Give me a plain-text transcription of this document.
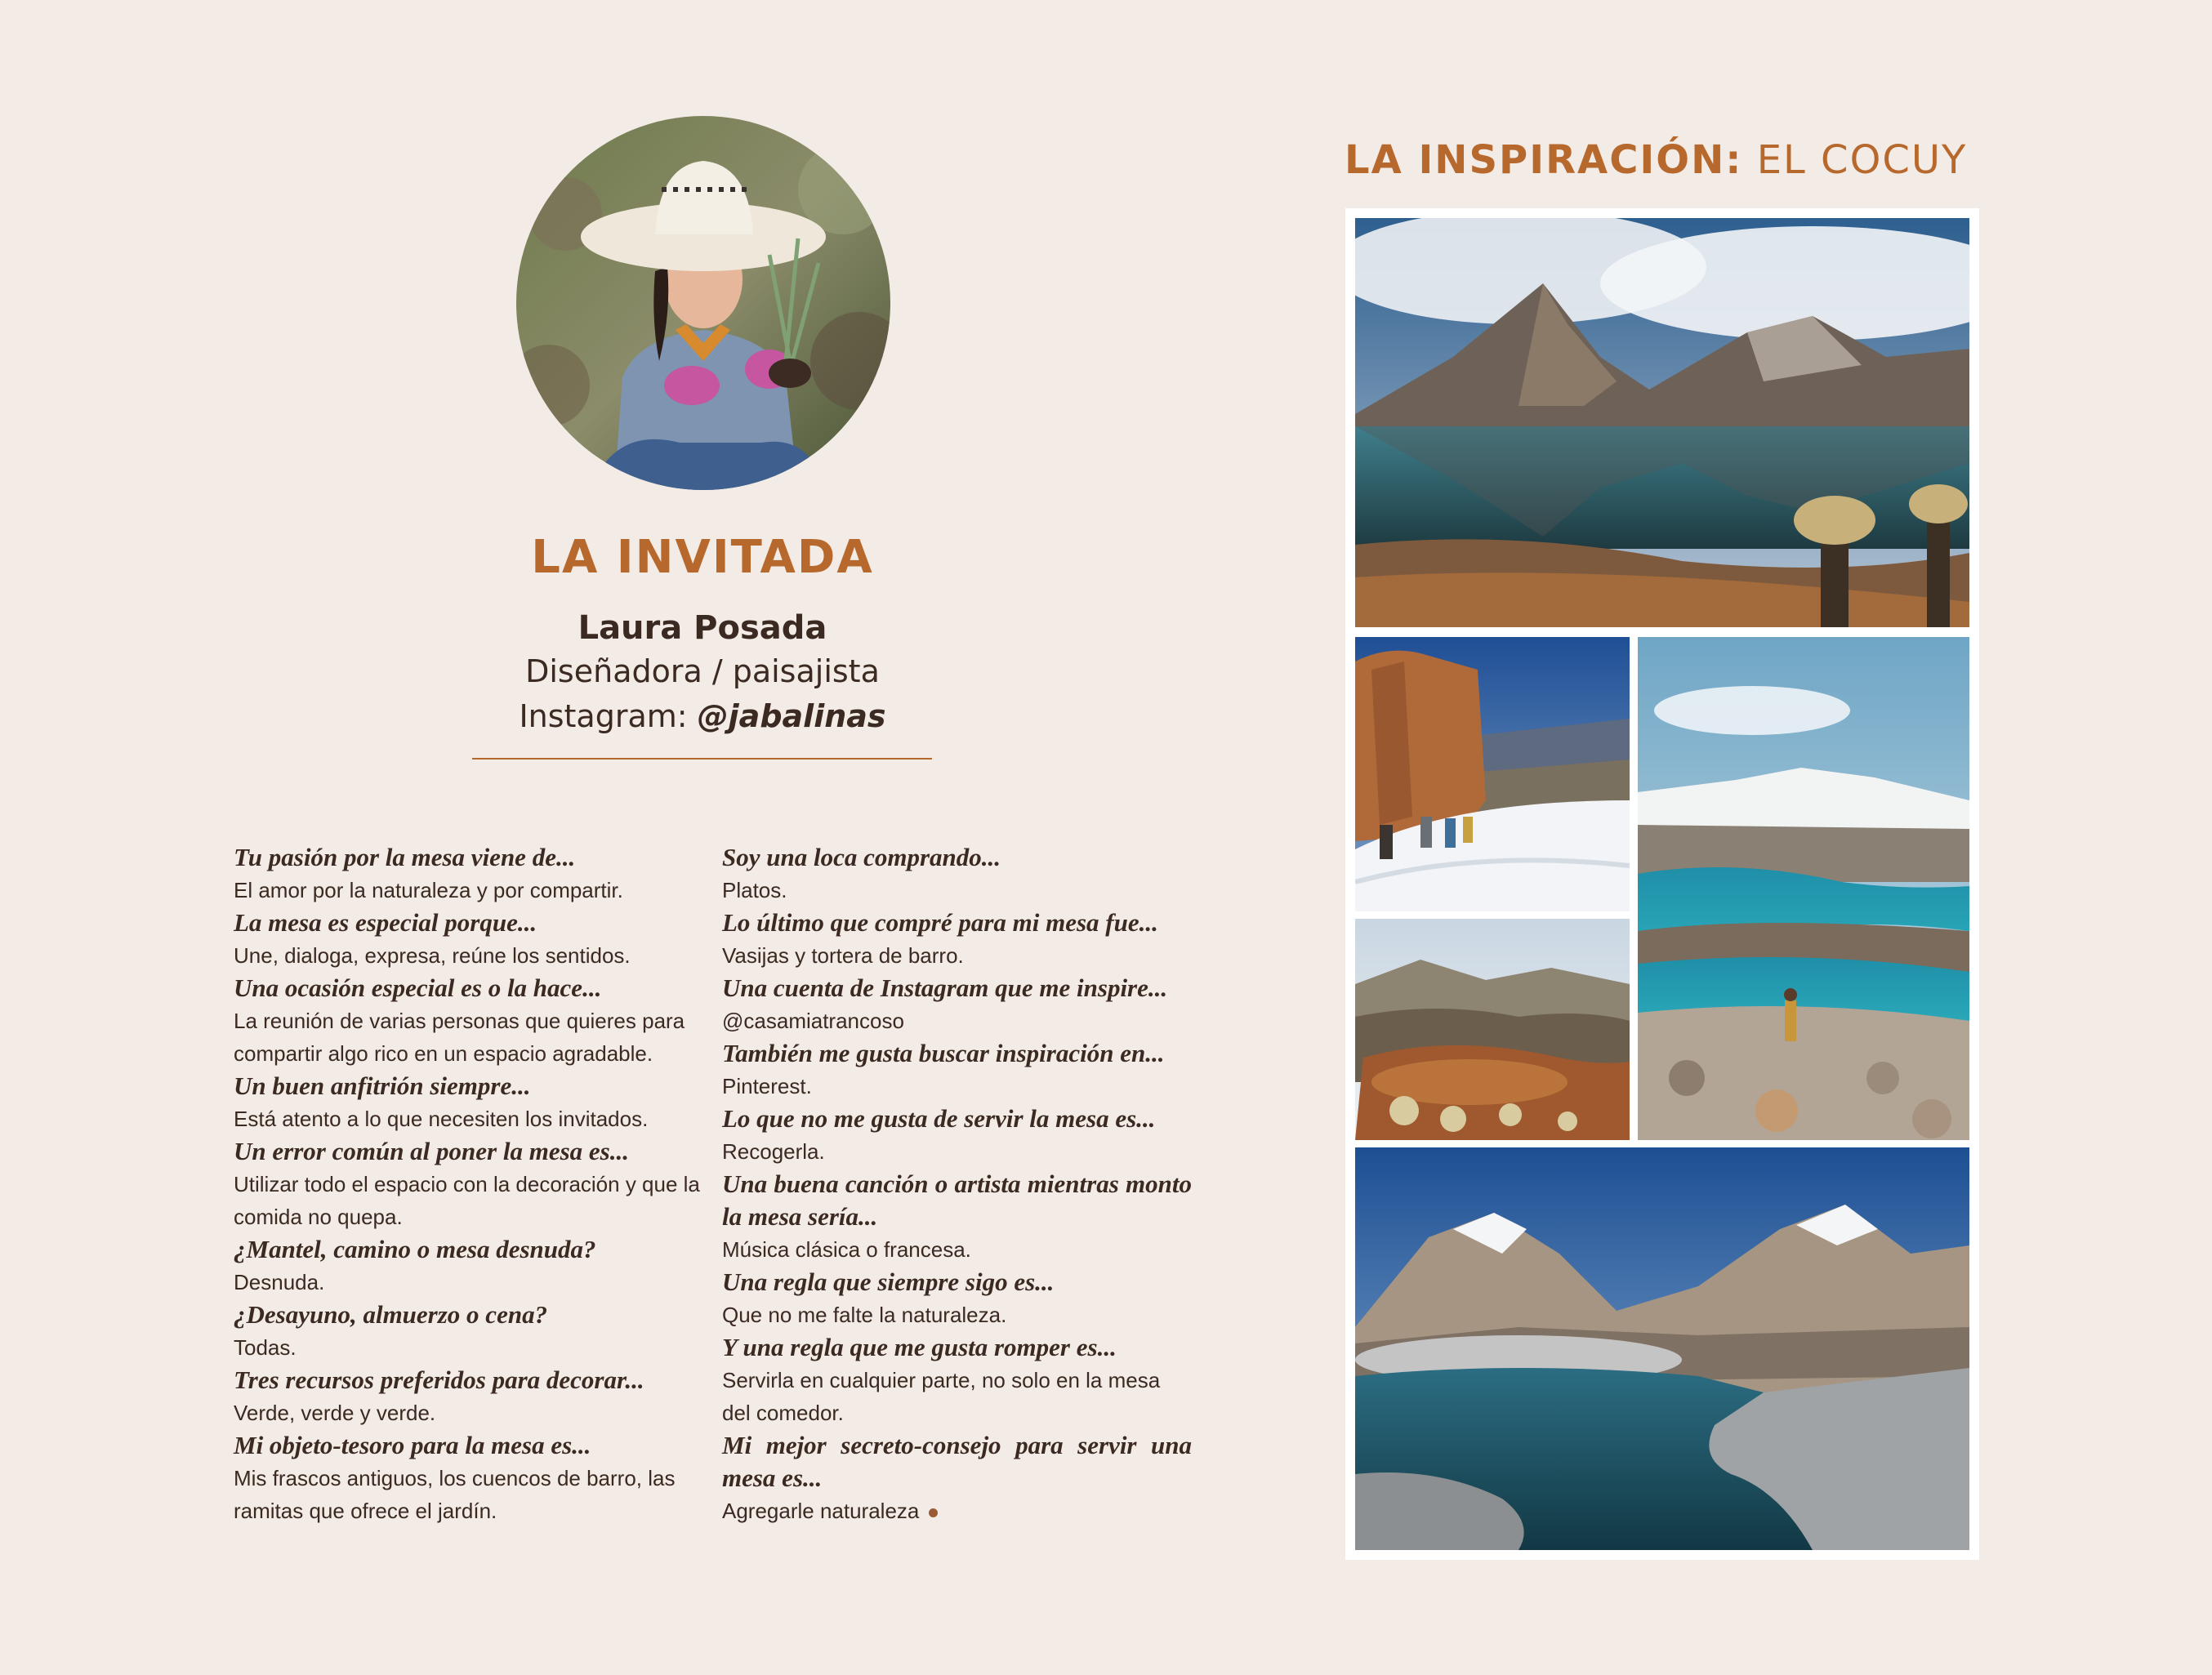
LA INVITADA
Laura Posada
Diseñadora / paisajista
Instagram: @jabalinas
Tu pasión por la mesa viene de...
El amor por la naturaleza y por compartir.
La mesa es especial porque...
Une, dialoga, expresa, reúne los sentidos.
Una ocasión especial es o la hace...
La reunión de varias personas que quieres para compartir algo rico en un espacio agradable.
Un buen anfitrión siempre...
Está atento a lo que necesiten los invitados.
Un error común al poner la mesa es...
Utilizar todo el espacio con la decoración y que la comida no quepa.
¿Mantel, camino o mesa desnuda?
Desnuda.
¿Desayuno, almuerzo o cena?
Todas.
Tres recursos preferidos para decorar...
Verde, verde y verde.
Mi objeto-tesoro para la mesa es...
Mis frascos antiguos, los cuencos de barro, las ramitas que ofrece el jardín.
Soy una loca comprando...
Platos.
Lo último que compré para mi mesa fue...
Vasijas y tortera de barro.
Una cuenta de Instagram que me inspire...
@casamiatrancoso
También me gusta buscar inspiración en...
Pinterest.
Lo que no me gusta de servir la mesa es...
Recogerla.
Una buena canción o artista mientras monto la mesa sería...
Música clásica o francesa.
Una regla que siempre sigo es...
Que no me falte la naturaleza.
Y una regla que me gusta romper es...
Servirla en cualquier parte, no solo en la mesa del comedor.
Mi mejor secreto-consejo para servir una mesa es...
Agregarle naturaleza
LA INSPIRACIÓN: EL COCUY
